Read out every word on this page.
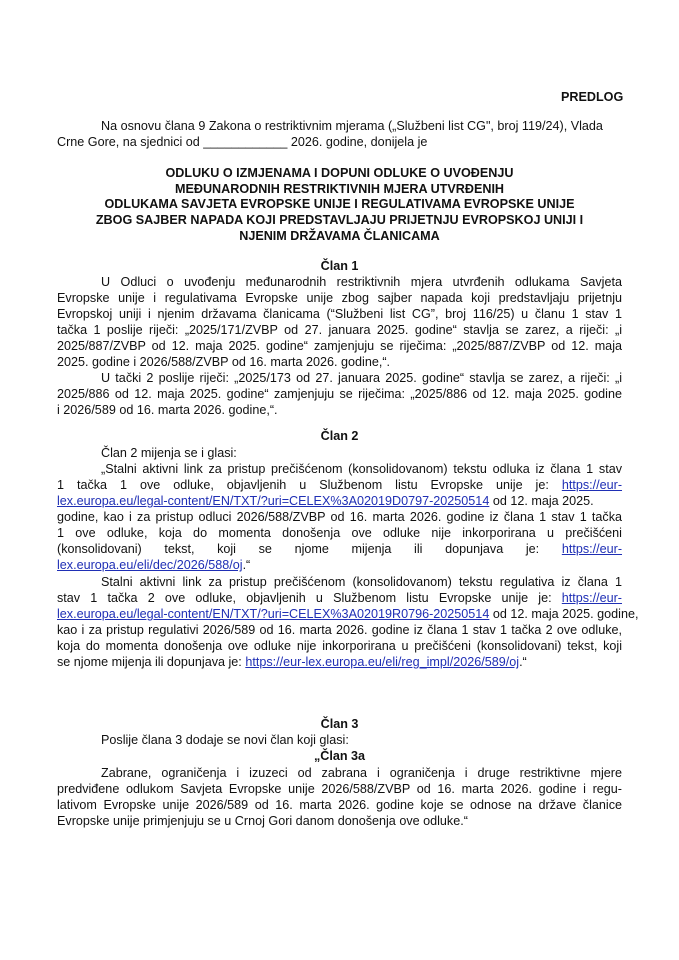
PREDLOG
Na osnovu člana 9 Zakona o restriktivnim mjerama („Službeni list CG", broj 119/24), Vlada
Crne Gore, na sjednici od ____________ 2026. godine, donijela je
ODLUKU O IZMJENAMA I DOPUNI ODLUKE O UVOĐENJU
MEĐUNARODNIH RESTRIKTIVNIH MJERA UTVRĐENIH
ODLUKAMA SAVJETA EVROPSKE UNIJE I REGULATIVAMA EVROPSKE UNIJE
ZBOG SAJBER NAPADA KOJI PREDSTAVLJAJU PRIJETNJU EVROPSKOJ UNIJI I
NJENIM DRŽAVAMA ČLANICAMA
Član 1
U Odluci o uvođenju međunarodnih restriktivnih mjera utvrđenih odlukama Savjeta
Evropske unije i regulativama Evropske unije zbog sajber napada koji predstavljaju prijetnju
Evropskoj uniji i njenim državama članicama (“Službeni list CG”, broj 116/25) u članu 1 stav 1
tačka 1 poslije riječi: „2025/171/ZVBP od 27. januara 2025. godine“ stavlja se zarez, a riječi: „i
2025/887/ZVBP od 12. maja 2025. godine“ zamjenjuju se riječima: „2025/887/ZVBP od 12. maja
2025. godine i 2026/588/ZVBP od 16. marta 2026. godine,“.
U tački 2 poslije riječi: „2025/173 od 27. januara 2025. godine“ stavlja se zarez, a riječi: „i
2025/886 od 12. maja 2025. godine“ zamjenjuju se riječima: „2025/886 od 12. maja 2025. godine
i 2026/589 od 16. marta 2026. godine,“.
Član 2
Član 2 mijenja se i glasi:
„Stalni aktivni link za pristup prečišćenom (konsolidovanom) tekstu odluka iz člana 1 stav
1 tačka 1 ove odluke, objavljenih u Službenom listu Evropske unije je: https://eur-
lex.europa.eu/legal-content/EN/TXT/?uri=CELEX%3A02019D0797-20250514 od 12. maja 2025.
godine, kao i za pristup odluci 2026/588/ZVBP od 16. marta 2026. godine iz člana 1 stav 1 tačka
1 ove odluke, koja do momenta donošenja ove odluke nije inkorporirana u prečišćeni
(konsolidovani) tekst, koji se njome mijenja ili dopunjava je: https://eur-
lex.europa.eu/eli/dec/2026/588/oj.“
Stalni aktivni link za pristup prečišćenom (konsolidovanom) tekstu regulativa iz člana 1
stav 1 tačka 2 ove odluke, objavljenih u Službenom listu Evropske unije je: https://eur-
lex.europa.eu/legal-content/EN/TXT/?uri=CELEX%3A02019R0796-20250514 od 12. maja 2025. godine,
kao i za pristup regulativi 2026/589 od 16. marta 2026. godine iz člana 1 stav 1 tačka 2 ove odluke,
koja do momenta donošenja ove odluke nije inkorporirana u prečišćeni (konsolidovani) tekst, koji
se njome mijenja ili dopunjava je: https://eur-lex.europa.eu/eli/reg_impl/2026/589/oj.“
Član 3
Poslije člana 3 dodaje se novi član koji glasi:
„Član 3a
Zabrane, ograničenja i izuzeci od zabrana i ograničenja i druge restriktivne mjere
predviđene odlukom Savjeta Evropske unije 2026/588/ZVBP od 16. marta 2026. godine i regu-
lativom Evropske unije 2026/589 od 16. marta 2026. godine koje se odnose na države članice
Evropske unije primjenjuju se u Crnoj Gori danom donošenja ove odluke.“
